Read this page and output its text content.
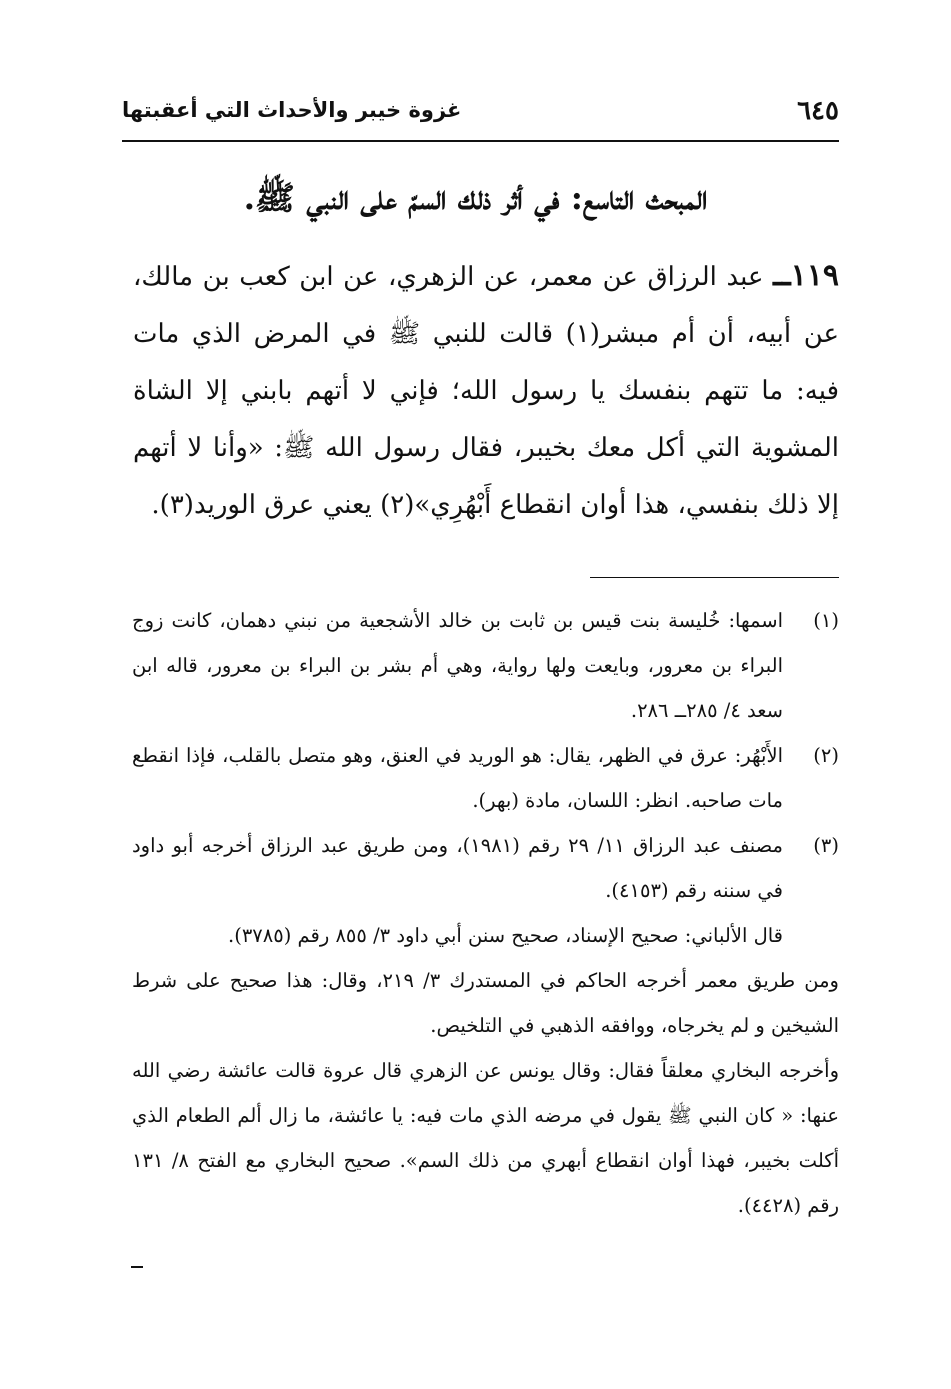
٦٤٥
غزوة خيبر والأحداث التي أعقبتها
المبحث التاسع: في أثر ذلك السمّ على النبي ﷺ.
١١٩ــ عبد الرزاق عن معمر، عن الزهري، عن ابن كعب بن مالك، عن أبيه، أن أم مبشر(١) قالت للنبي ﷺ في المرض الذي مات فيه: ما تتهم بنفسك يا رسول الله؛ فإني لا أتهم بابني إلا الشاة المشوية التي أكل معك بخيبر، فقال رسول الله ﷺ: «وأنا لا أتهم إلا ذلك بنفسي، هذا أوان انقطاع أَبْهُرِي»(٢) يعني عرق الوريد(٣).
(١)
اسمها: خُليسة بنت قيس بن ثابت بن خالد الأشجعية من نبني دهمان، كانت زوج البراء بن معرور، وبايعت ولها رواية، وهي أم بشر بن البراء بن معرور، قاله ابن سعد ٤/ ٢٨٥ــ ٢٨٦.
(٢)
الأَبْهُر: عرق في الظهر، يقال: هو الوريد في العنق، وهو متصل بالقلب، فإذا انقطع مات صاحبه. انظر: اللسان، مادة (بهر).
(٣)
مصنف عبد الرزاق ١١/ ٢٩ رقم (١٩٨١)، ومن طريق عبد الرزاق أخرجه أبو داود في سننه رقم (٤١٥٣).
قال الألباني: صحيح الإسناد، صحيح سنن أبي داود ٣/ ٨٥٥ رقم (٣٧٨٥).
ومن طريق معمر أخرجه الحاكم في المستدرك ٣/ ٢١٩، وقال: هذا صحيح على شرط الشيخين و لم يخرجاه، ووافقه الذهبي في التلخيص.
وأخرجه البخاري معلقاً فقال: وقال يونس عن الزهري قال عروة قالت عائشة رضي الله عنها: « كان النبي ﷺ يقول في مرضه الذي مات فيه: يا عائشة، ما زال ألم الطعام الذي أكلت بخيبر، فهذا أوان انقطاع أبهري من ذلك السم». صحيح البخاري مع الفتح ٨/ ١٣١ رقم (٤٤٢٨).
